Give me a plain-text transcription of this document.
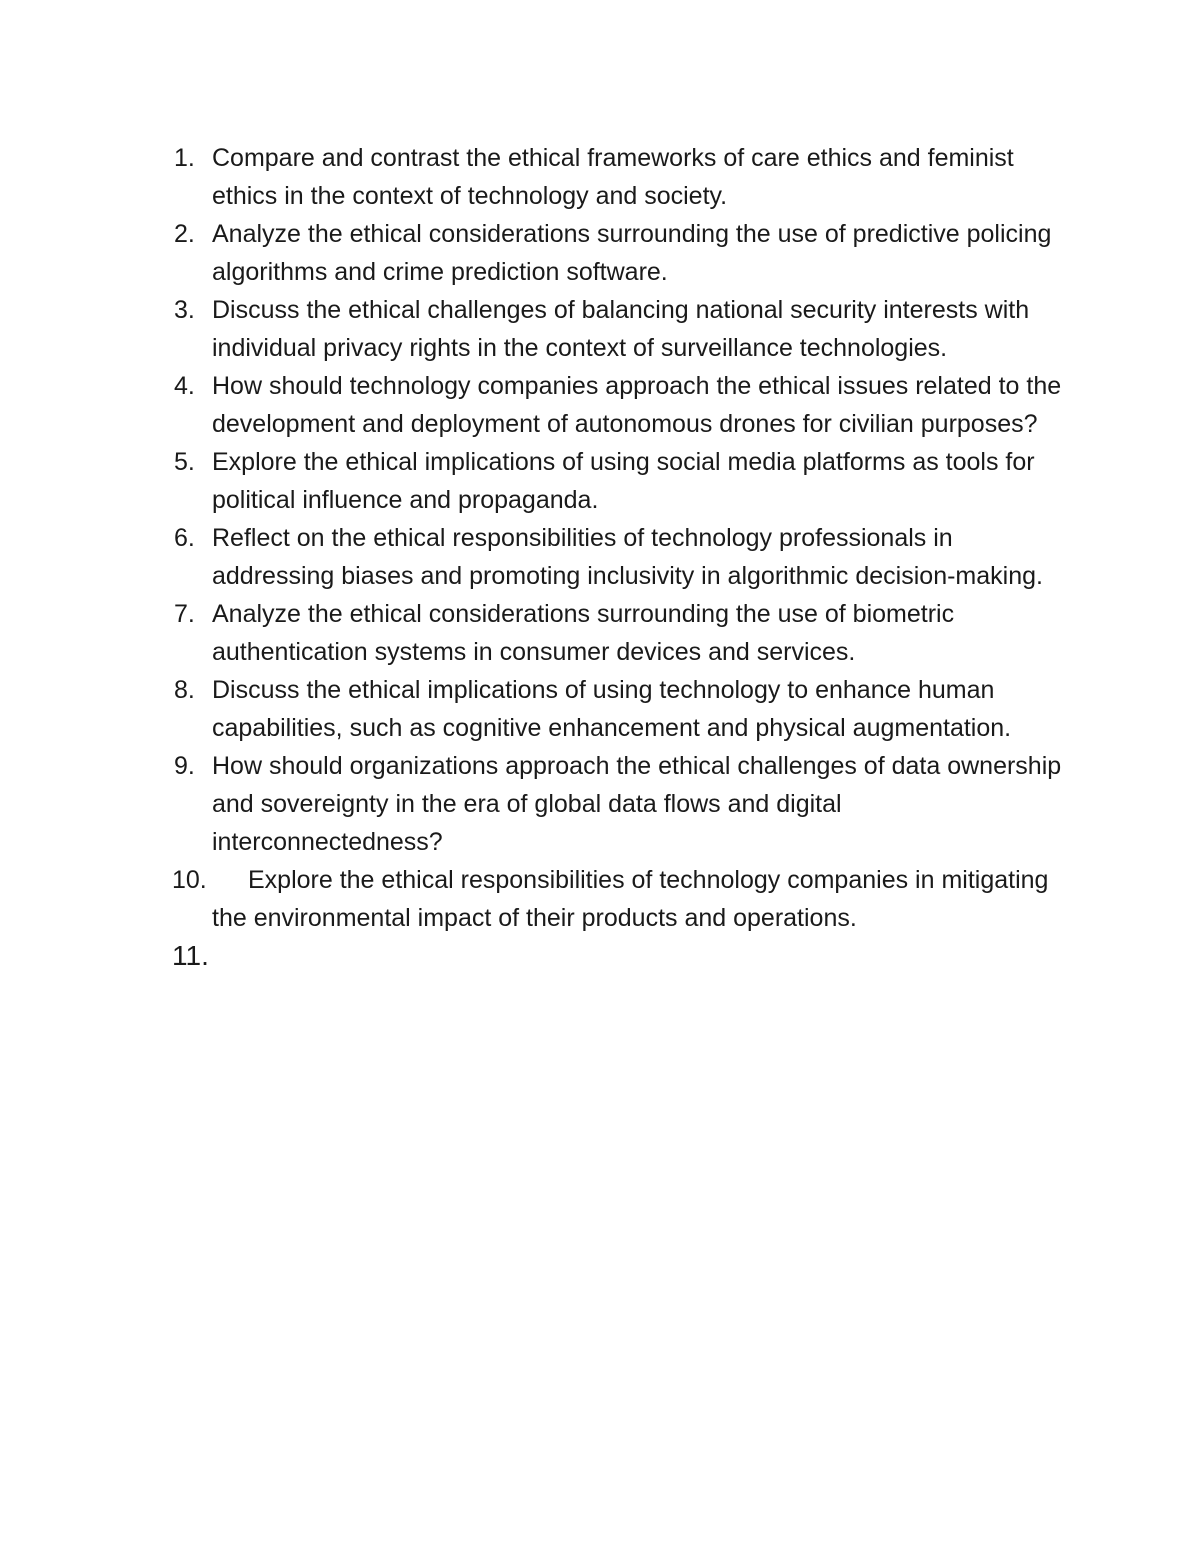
1. Compare and contrast the ethical frameworks of care ethics and feminist ethics in the context of technology and society.
2. Analyze the ethical considerations surrounding the use of predictive policing algorithms and crime prediction software.
3. Discuss the ethical challenges of balancing national security interests with individual privacy rights in the context of surveillance technologies.
4. How should technology companies approach the ethical issues related to the development and deployment of autonomous drones for civilian purposes?
5. Explore the ethical implications of using social media platforms as tools for political influence and propaganda.
6. Reflect on the ethical responsibilities of technology professionals in addressing biases and promoting inclusivity in algorithmic decision-making.
7. Analyze the ethical considerations surrounding the use of biometric authentication systems in consumer devices and services.
8. Discuss the ethical implications of using technology to enhance human capabilities, such as cognitive enhancement and physical augmentation.
9. How should organizations approach the ethical challenges of data ownership and sovereignty in the era of global data flows and digital interconnectedness?
10.	Explore the ethical responsibilities of technology companies in mitigating the environmental impact of their products and operations.
11.
